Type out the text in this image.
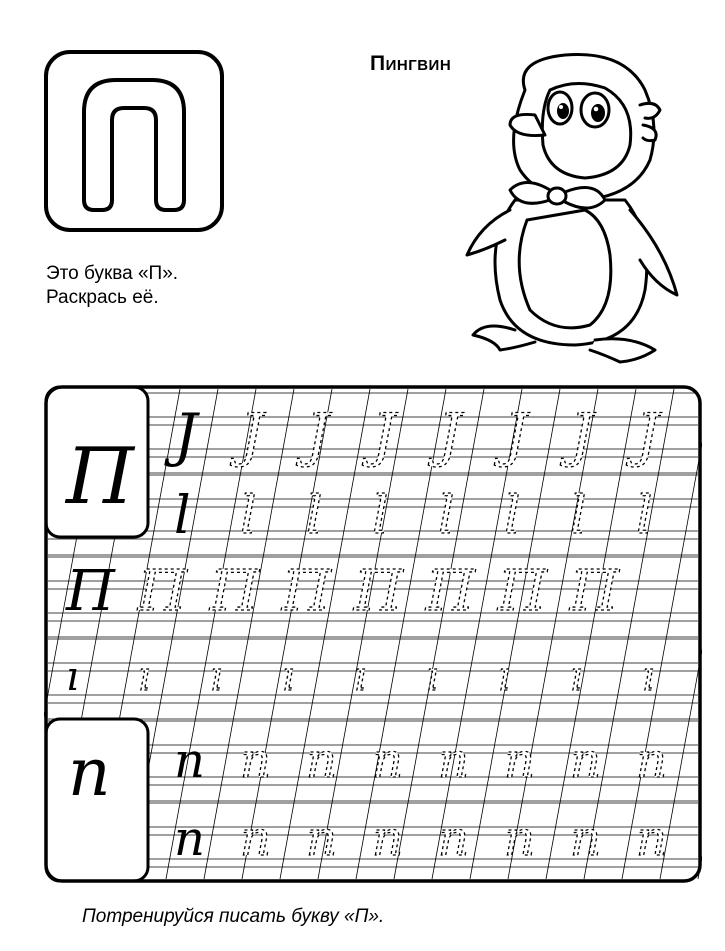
ПИНГВИН
Это буква «П».
Раскрась её.
П
п
J J J J J J J J
l l l l l l l l
П П П П П П П П
ı ı ı ı ı ı ı ı ı
n n n n n n n n
n n n n n n n n
Потренируйся писать букву «П».
